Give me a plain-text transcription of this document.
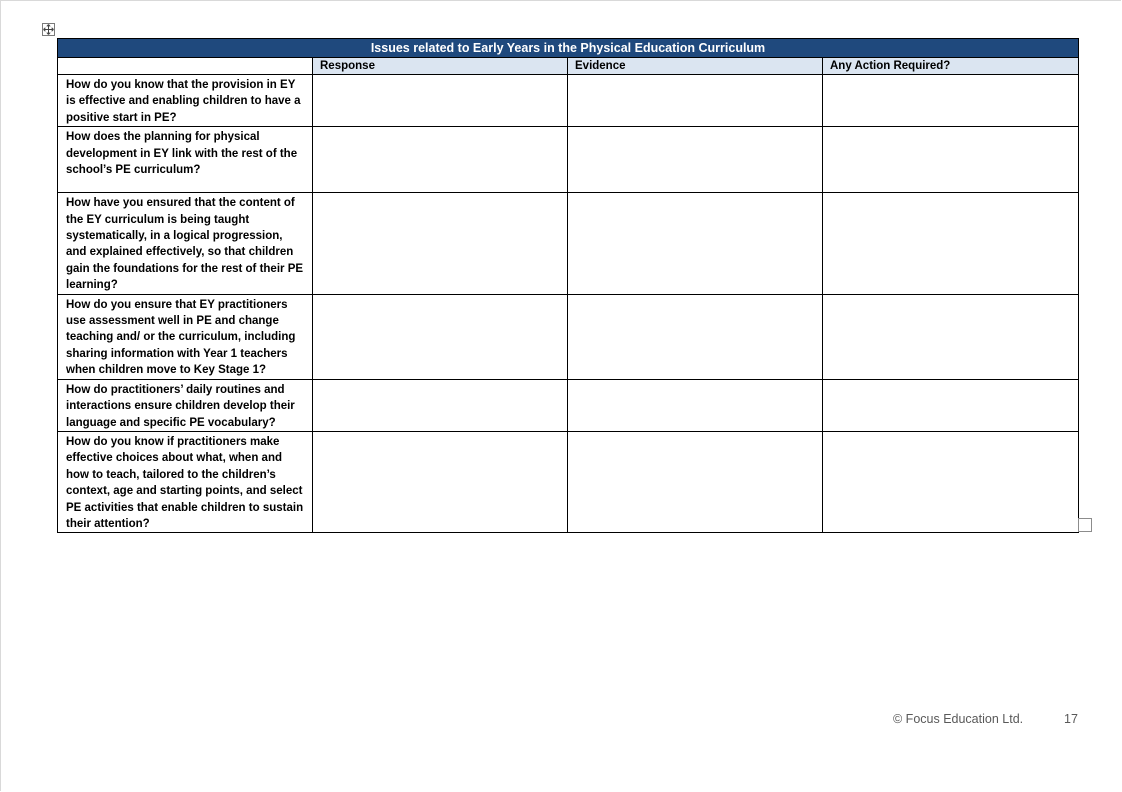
Issues related to Early Years in the Physical Education Curriculum			

	Response	Evidence	Any Action Required?

How do you know that the provision in EY is effective and enabling children to have a positive start in PE?			
How does the planning for physical development in EY link with the rest of the school’s PE curriculum?			
How have you ensured that the content of the EY curriculum is being taught systematically, in a logical progression, and explained effectively, so that children gain the foundations for the rest of their PE learning?			
How do you ensure that EY practitioners use assessment well in PE and change teaching and/ or the curriculum, including sharing information with Year 1 teachers when children move to Key Stage 1?			
How do practitioners’ daily routines and interactions ensure children develop their language and specific PE vocabulary?			
How do you know if practitioners make effective choices about what, when and how to teach, tailored to the children’s context, age and starting points, and select PE activities that enable children to sustain their attention?			
© Focus Education Ltd.	17
